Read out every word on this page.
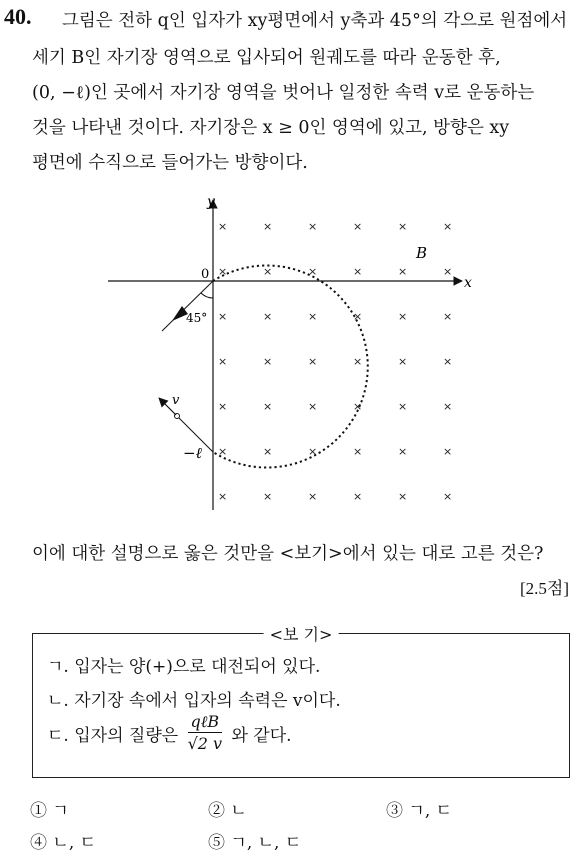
40. 그림은 전하 q인 입자가 xy평면에서 y축과 45°의 각으로 원점에서
세기 B인 자기장 영역으로 입사되어 원궤도를 따라 운동한 후,
(0, −ℓ)인 곳에서 자기장 영역을 벗어나 일정한 속력 v로 운동하는
것을 나타낸 것이다. 자기장은 x ≥ 0인 영역에 있고, 방향은 xy
평면에 수직으로 들어가는 방향이다.
y
x
0
B
×	×	×	×	×	×
×	×	×	×	×	×
×	×	×	×	×	×
×	×	×	×	×	×
×	×	×	×	×	×
×	×	×	×	×	×
×	×	×	×	×	×
45°
v
−ℓ
이에 대한 설명으로 옳은 것만을 <보기>에서 있는 대로 고른 것은?
[2.5점]
<보 기>
ㄱ. 입자는 양(+)으로 대전되어 있다.
ㄴ. 자기장 속에서 입자의 속력은 v이다.
ㄷ. 입자의 질량은 $\frac{\text{qℓB}}{√2 v}$ 와 같다.
① ㄱ	② ㄴ	③ ㄱ, ㄷ
④ ㄴ, ㄷ	⑤ ㄱ, ㄴ, ㄷ
